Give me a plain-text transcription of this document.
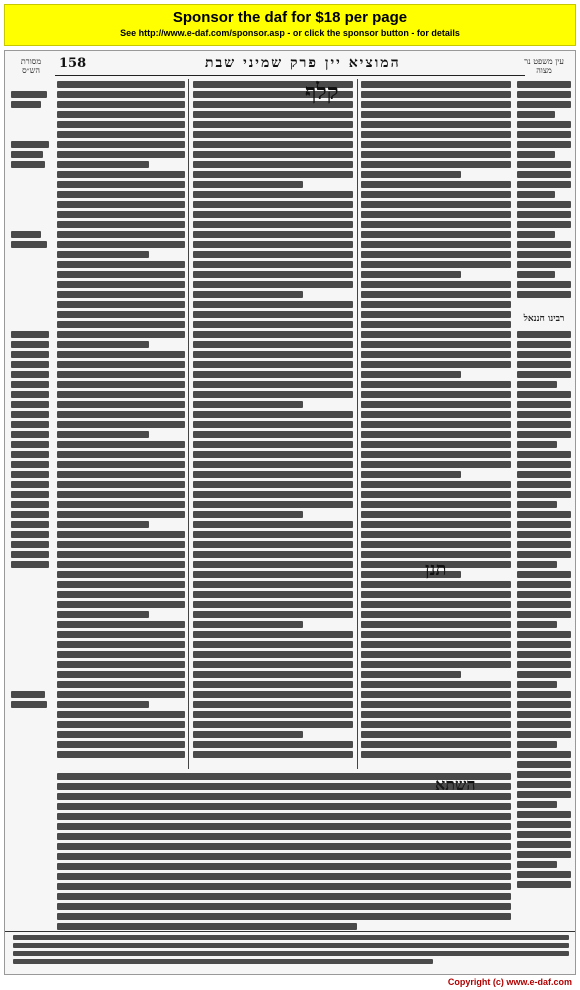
Sponsor the daf for $18 per page
See http://www.e-daf.com/sponsor.asp - or click the sponsor button - for details
158	המוציא יין פרק שמיני שבת
מסורת הש״ס
קלף
תנן
עין משפט נר מצוה
רבינו חננאל
Copyright (c) www.e-daf.com
